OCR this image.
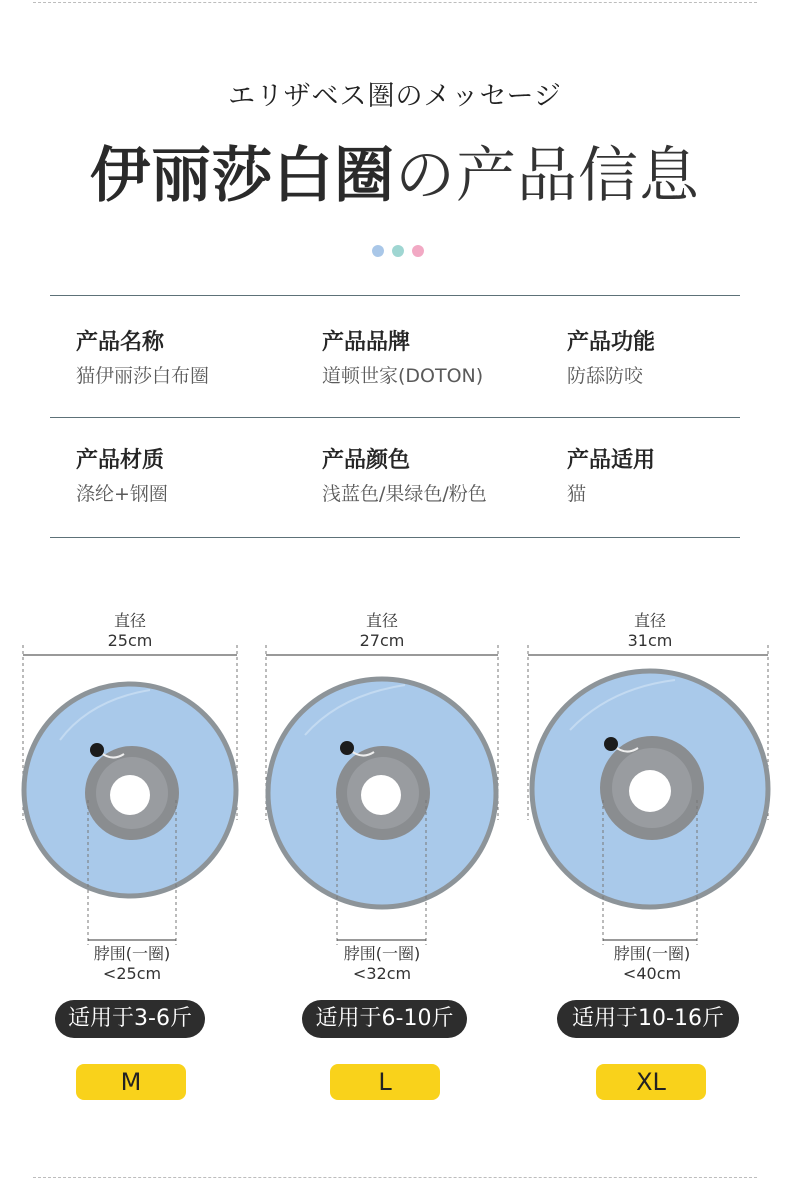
エリザベス圏のメッセージ
伊丽莎白圈の产品信息
产品名称
猫伊丽莎白布圈
产品品牌
道顿世家(DOTON)
产品功能
防舔防咬
产品材质
涤纶+钢圈
产品颜色
浅蓝色/果绿色/粉色
产品适用
猫
直径
25cm
脖围(一圈)
<25cm
适用于3-6斤
M
直径
27cm
脖围(一圈)
<32cm
适用于6-10斤
L
直径
31cm
脖围(一圈)
<40cm
适用于10-16斤
XL
